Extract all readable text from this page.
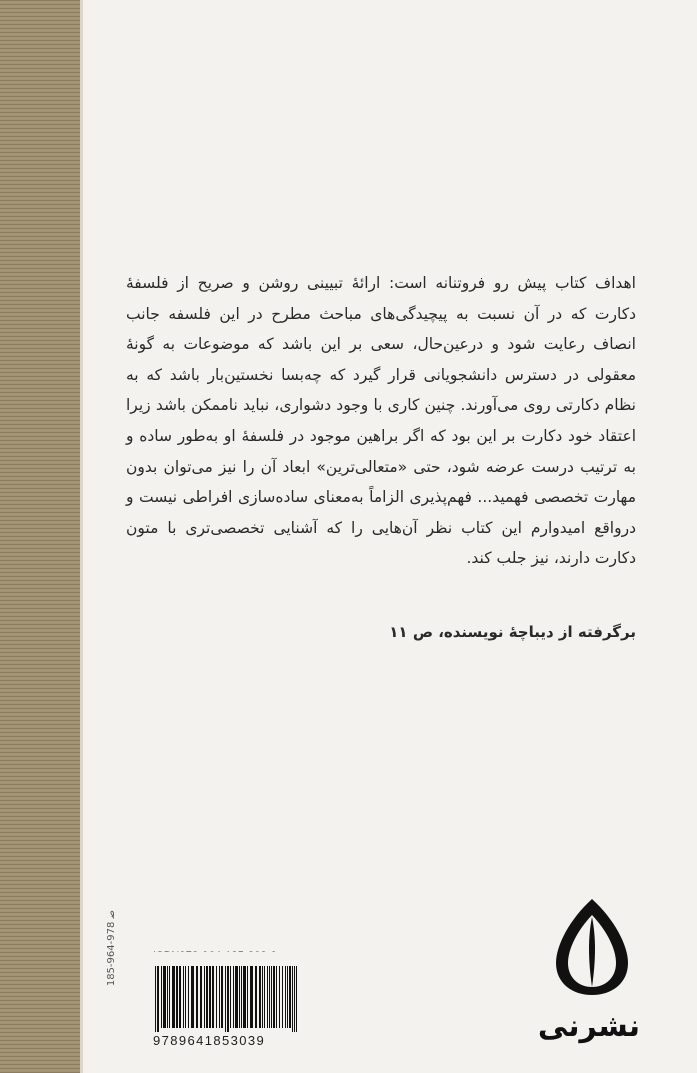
اهداف کتاب پیش رو فروتنانه است: ارائهٔ تبیینی روشن و صریح از فلسفهٔ دکارت که در آن نسبت به پیچیدگی‌های مباحث مطرح در این فلسفه جانب انصاف رعایت شود و درعین‌حال، سعی بر این باشد که موضوعات به گونهٔ معقولی در دسترس دانشجویانی قرار گیرد که چه‌بسا نخستین‌بار باشد که به نظام دکارتی روی می‌آورند. چنین کاری با وجود دشواری، نباید ناممکن باشد زیرا اعتقاد خود دکارت بر این بود که اگر براهین موجود در فلسفهٔ او به‌طور ساده و به ترتیب درست عرضه شود، حتی «متعالی‌ترین» ابعاد آن را نیز می‌توان بدون مهارت تخصصی فهمید... فهم‌پذیری الزاماً به‌معنای ساده‌سازی افراطی نیست و درواقع امیدوارم این کتاب نظر آن‌هایی را که آشنایی تخصصی‌تری با متون دکارت دارند، نیز جلب کند.

برگرفته از دیباچهٔ نویسنده، ص ۱۱
ص‍ 978-964-185
9789641853039	نشرنی
